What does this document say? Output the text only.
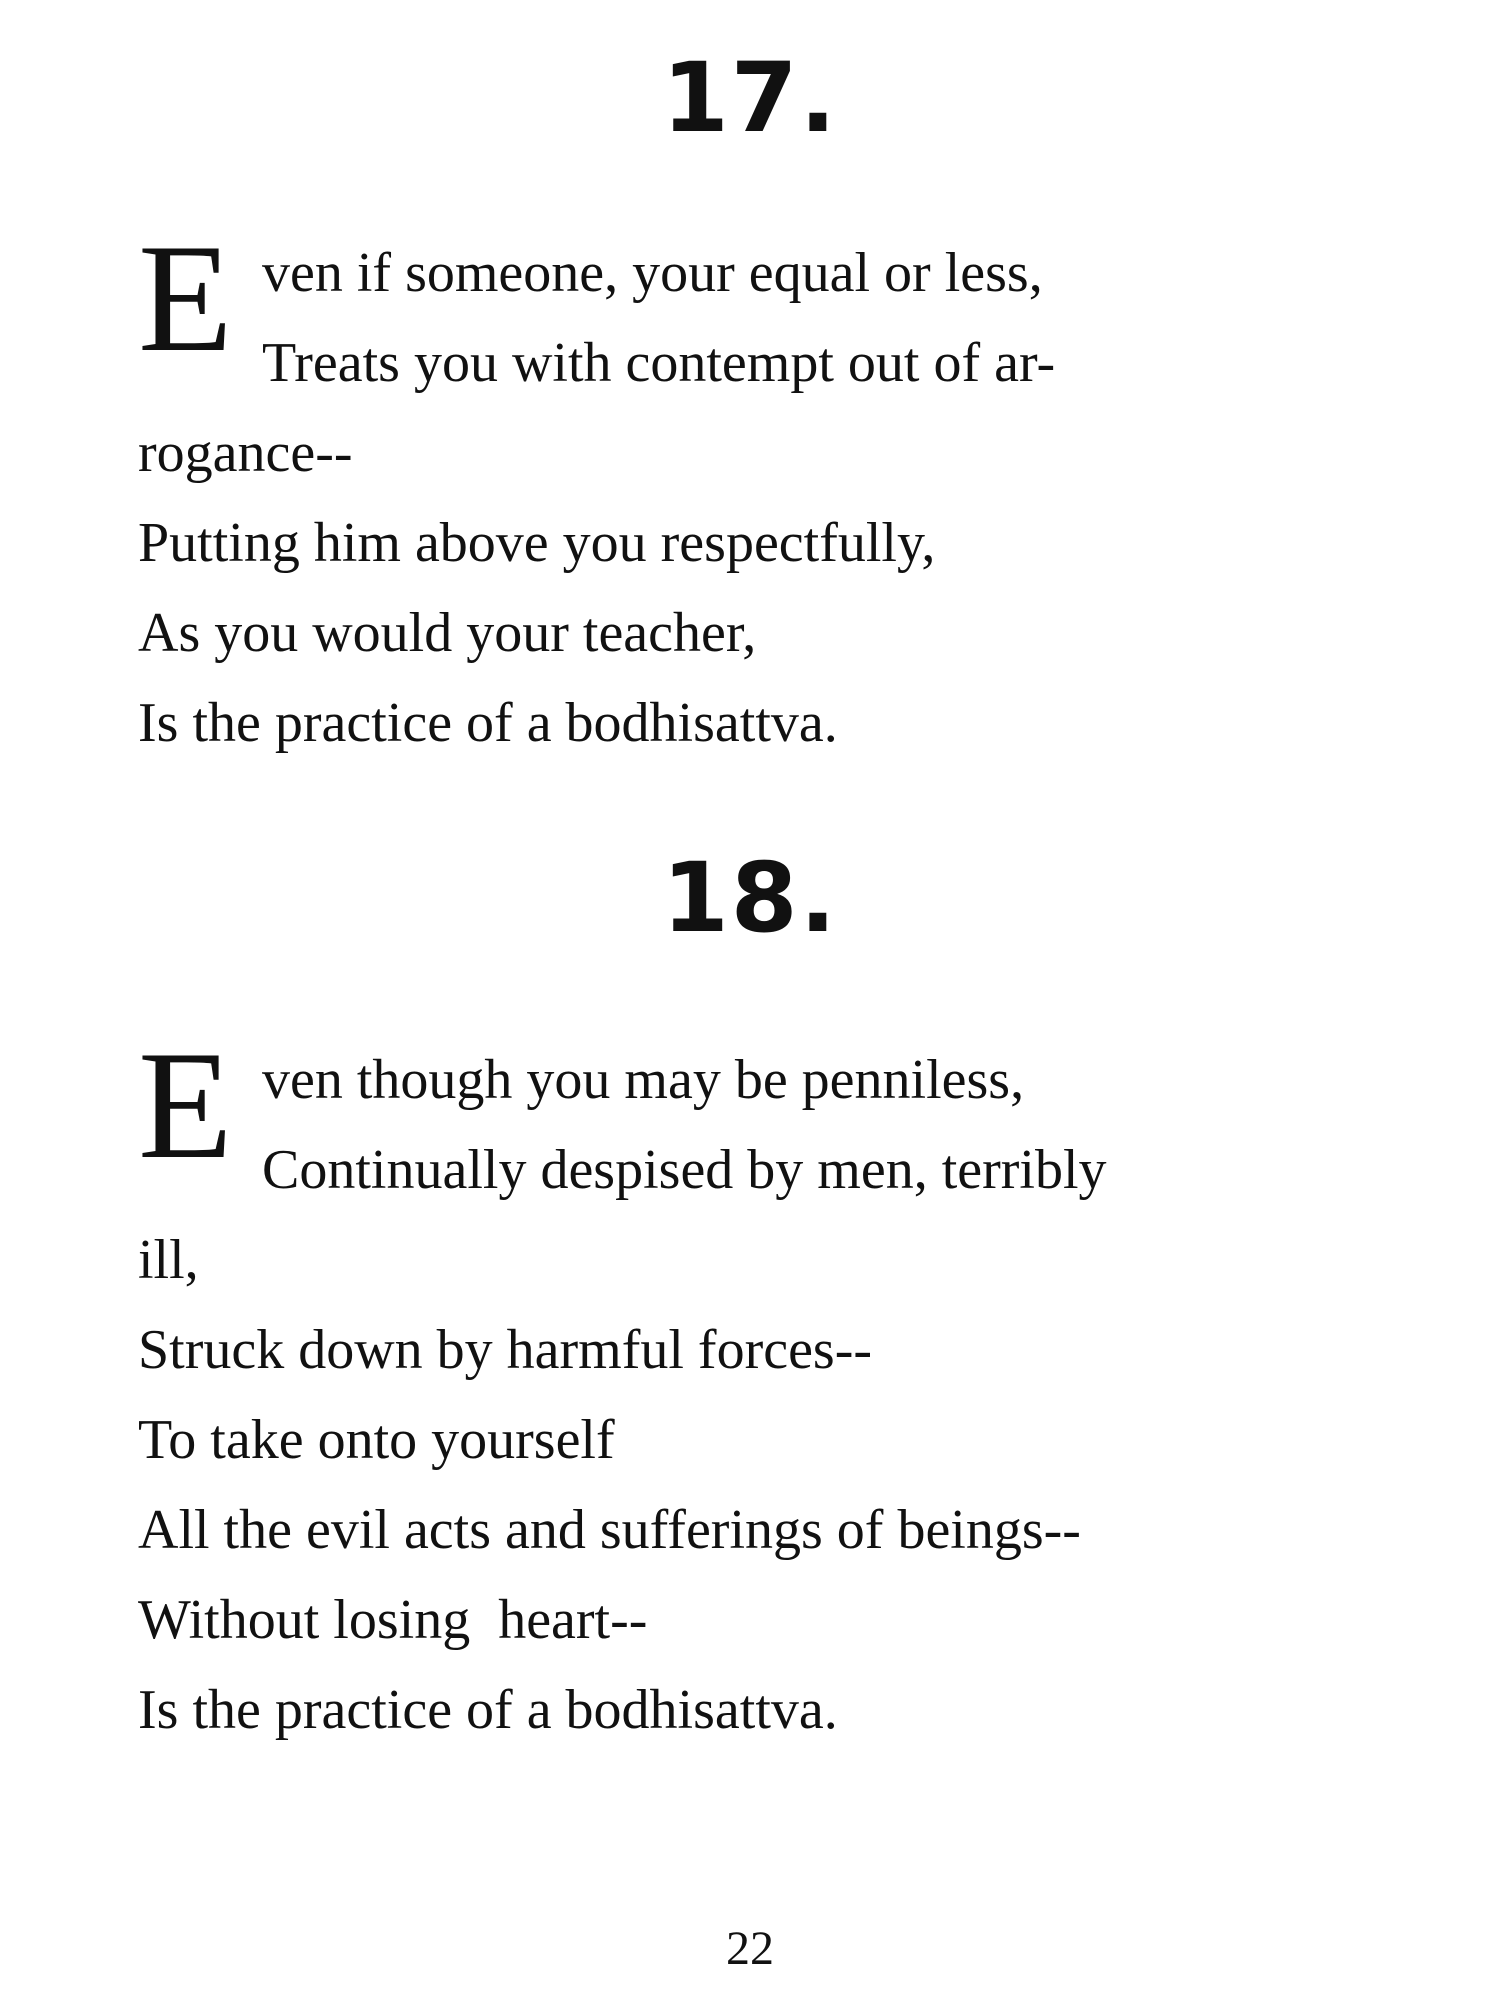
17.
E ven if someone, your equal or less,
Treats you with contempt out of ar-
rogance--
Putting him above you respectfully,
As you would your teacher,
Is the practice of a bodhisattva.
18.
E ven though you may be penniless,
Continually despised by men, terribly
ill,
Struck down by harmful forces--
To take onto yourself
All the evil acts and sufferings of beings--
Without losing  heart--
Is the practice of a bodhisattva.
22
